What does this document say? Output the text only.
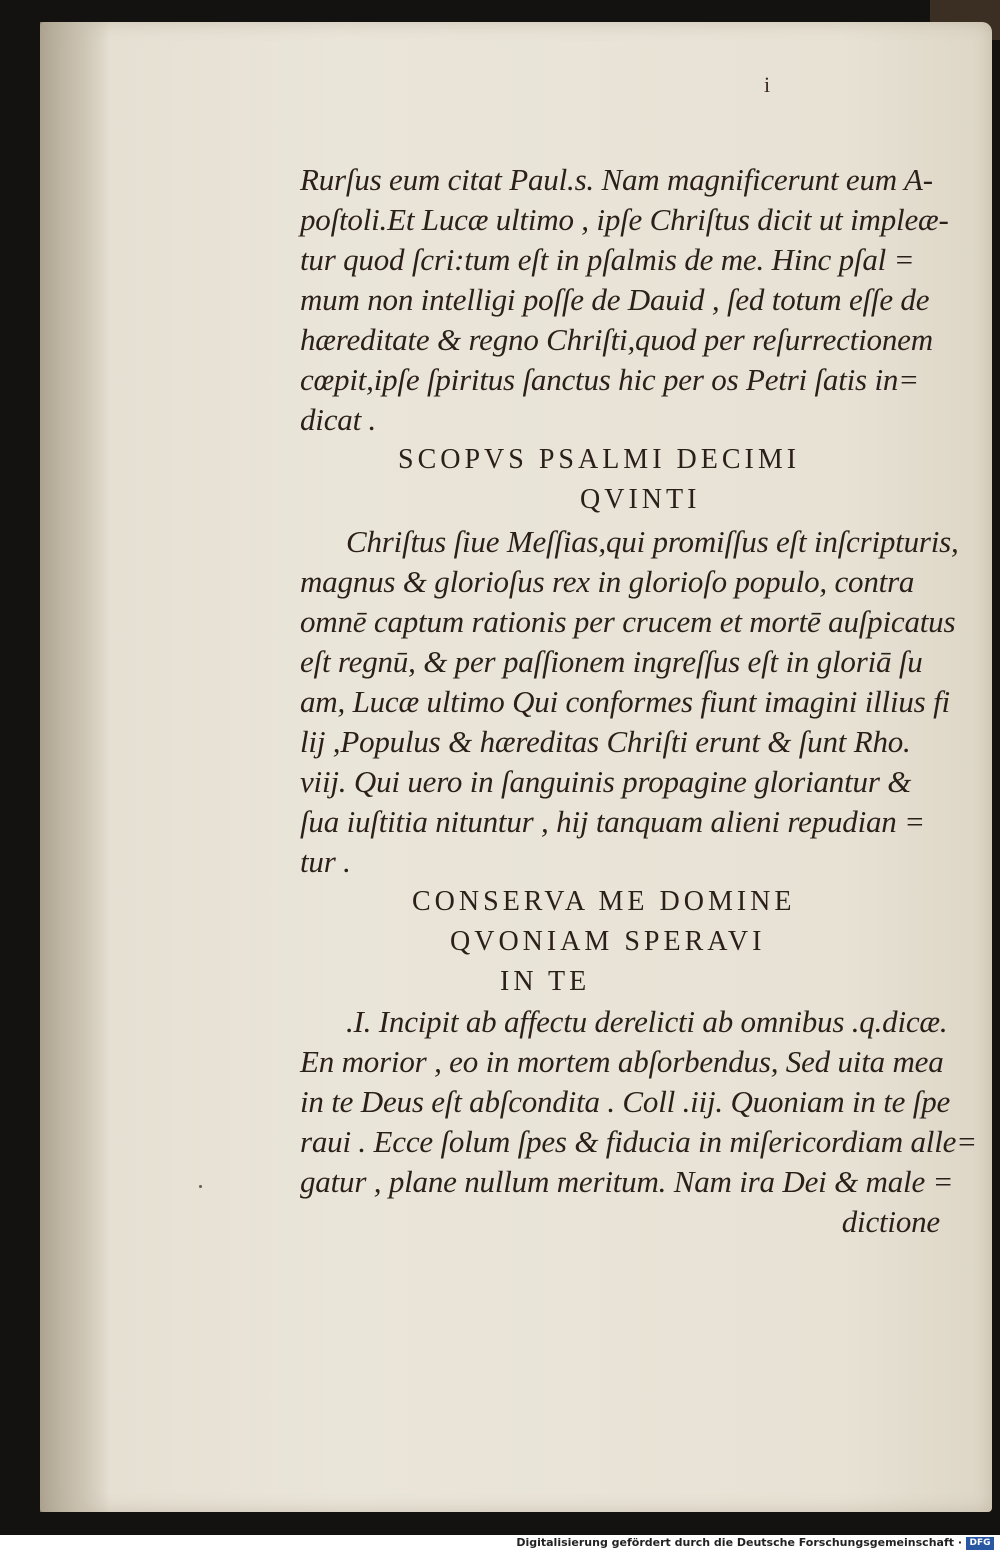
i
Rurſus eum citat Paul.s. Nam magnificerunt eum A-
poſtoli.Et Lucæ ultimo , ipſe Chriſtus dicit ut impleæ-
tur quod ſcri:tum eſt in pſalmis de me. Hinc pſal =
mum non intelligi poſſe de Dauid , ſed totum eſſe de
hæreditate & regno Chriſti,quod per reſurrectionem
cœpit,ipſe ſpiritus ſanctus hic per os Petri ſatis in=
dicat .
SCOPVS PSALMI DECIMI
QVINTI
Chriſtus ſiue Meſſias,qui promiſſus eſt inſcripturis,
magnus & glorioſus rex in glorioſo populo, contra
omnē captum rationis per crucem et mortē auſpicatus
eſt regnū, & per paſſionem ingreſſus eſt in gloriā ſu
am, Lucæ ultimo Qui conformes fiunt imagini illius fi
lij ,Populus & hæreditas Chriſti erunt & ſunt Rho.
viij. Qui uero in ſanguinis propagine gloriantur &
ſua iuſtitia nituntur , hij tanquam alieni repudian =
tur .
CONSERVA ME DOMINE
QVONIAM SPERAVI
IN TE
.I. Incipit ab affectu derelicti ab omnibus .q.dicæ.
En morior , eo in mortem abſorbendus, Sed uita mea
in te Deus eſt abſcondita . Coll .iij. Quoniam in te ſpe
raui . Ecce ſolum ſpes & fiducia in miſericordiam alle=
gatur , plane nullum meritum. Nam ira Dei & male =
dictione
Digitalisierung gefördert durch die Deutsche Forschungsgemeinschaft · DFG
